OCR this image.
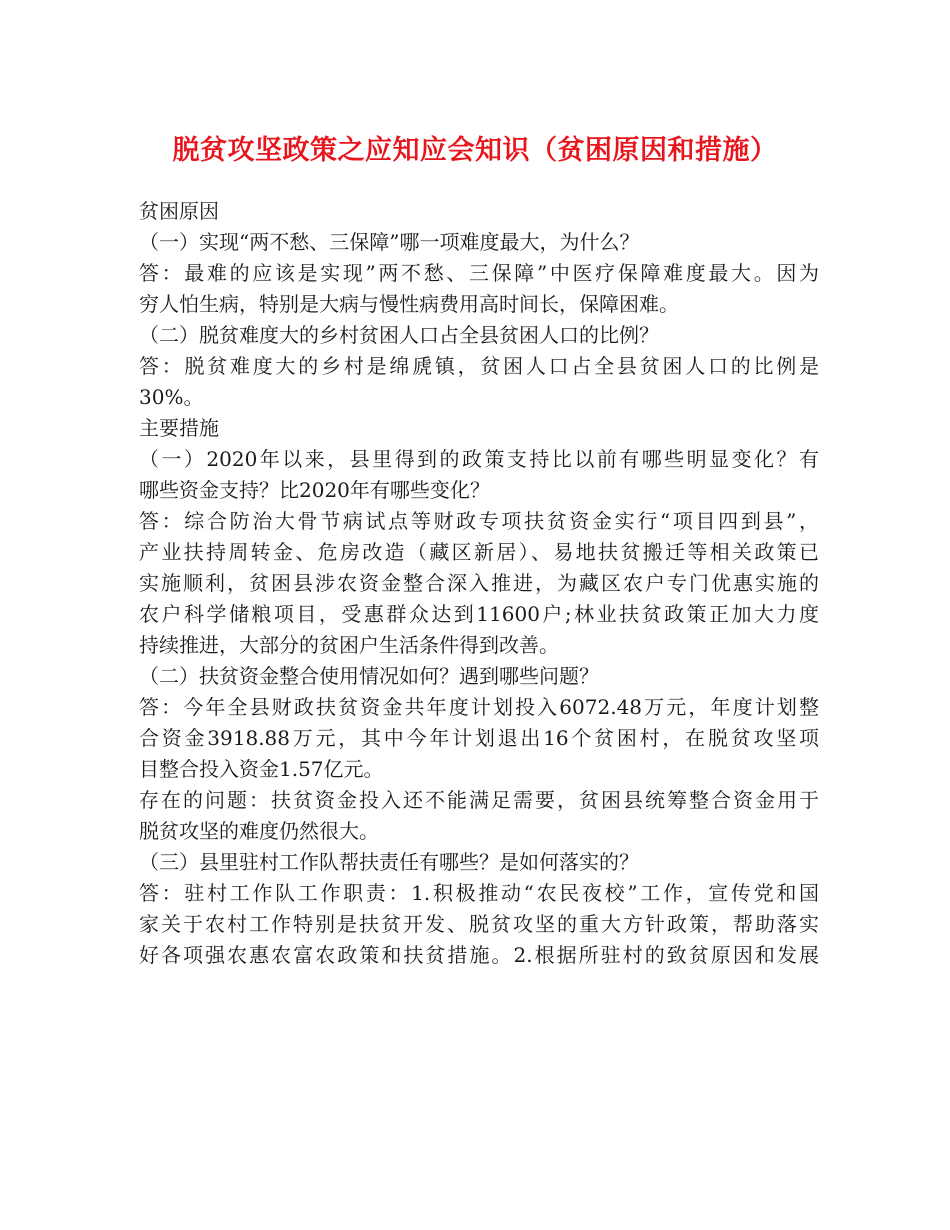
脱贫攻坚政策之应知应会知识（贫困原因和措施）
贫困原因
（一）实现“两不愁、三保障”哪一项难度最大，为什么？
答：最难的应该是实现”两不愁、三保障”中医疗保障难度最大。因为
穷人怕生病，特别是大病与慢性病费用高时间长，保障困难。
（二）脱贫难度大的乡村贫困人口占全县贫困人口的比例？
答：脱贫难度大的乡村是绵虒镇，贫困人口占全县贫困人口的比例是
30%。
主要措施
（一）2020年以来，县里得到的政策支持比以前有哪些明显变化？有
哪些资金支持？比2020年有哪些变化？
答：综合防治大骨节病试点等财政专项扶贫资金实行“项目四到县”，
产业扶持周转金、危房改造（藏区新居）、易地扶贫搬迁等相关政策已
实施顺利，贫困县涉农资金整合深入推进，为藏区农户专门优惠实施的
农户科学储粮项目，受惠群众达到11600户;林业扶贫政策正加大力度
持续推进，大部分的贫困户生活条件得到改善。
（二）扶贫资金整合使用情况如何？遇到哪些问题？
答：今年全县财政扶贫资金共年度计划投入6072.48万元，年度计划整
合资金3918.88万元，其中今年计划退出16个贫困村，在脱贫攻坚项
目整合投入资金1.57亿元。
存在的问题：扶贫资金投入还不能满足需要，贫困县统筹整合资金用于
脱贫攻坚的难度仍然很大。
（三）县里驻村工作队帮扶责任有哪些？是如何落实的？
答：驻村工作队工作职责：1.积极推动“农民夜校”工作，宣传党和国
家关于农村工作特别是扶贫开发、脱贫攻坚的重大方针政策，帮助落实
好各项强农惠农富农政策和扶贫措施。2.根据所驻村的致贫原因和发展
